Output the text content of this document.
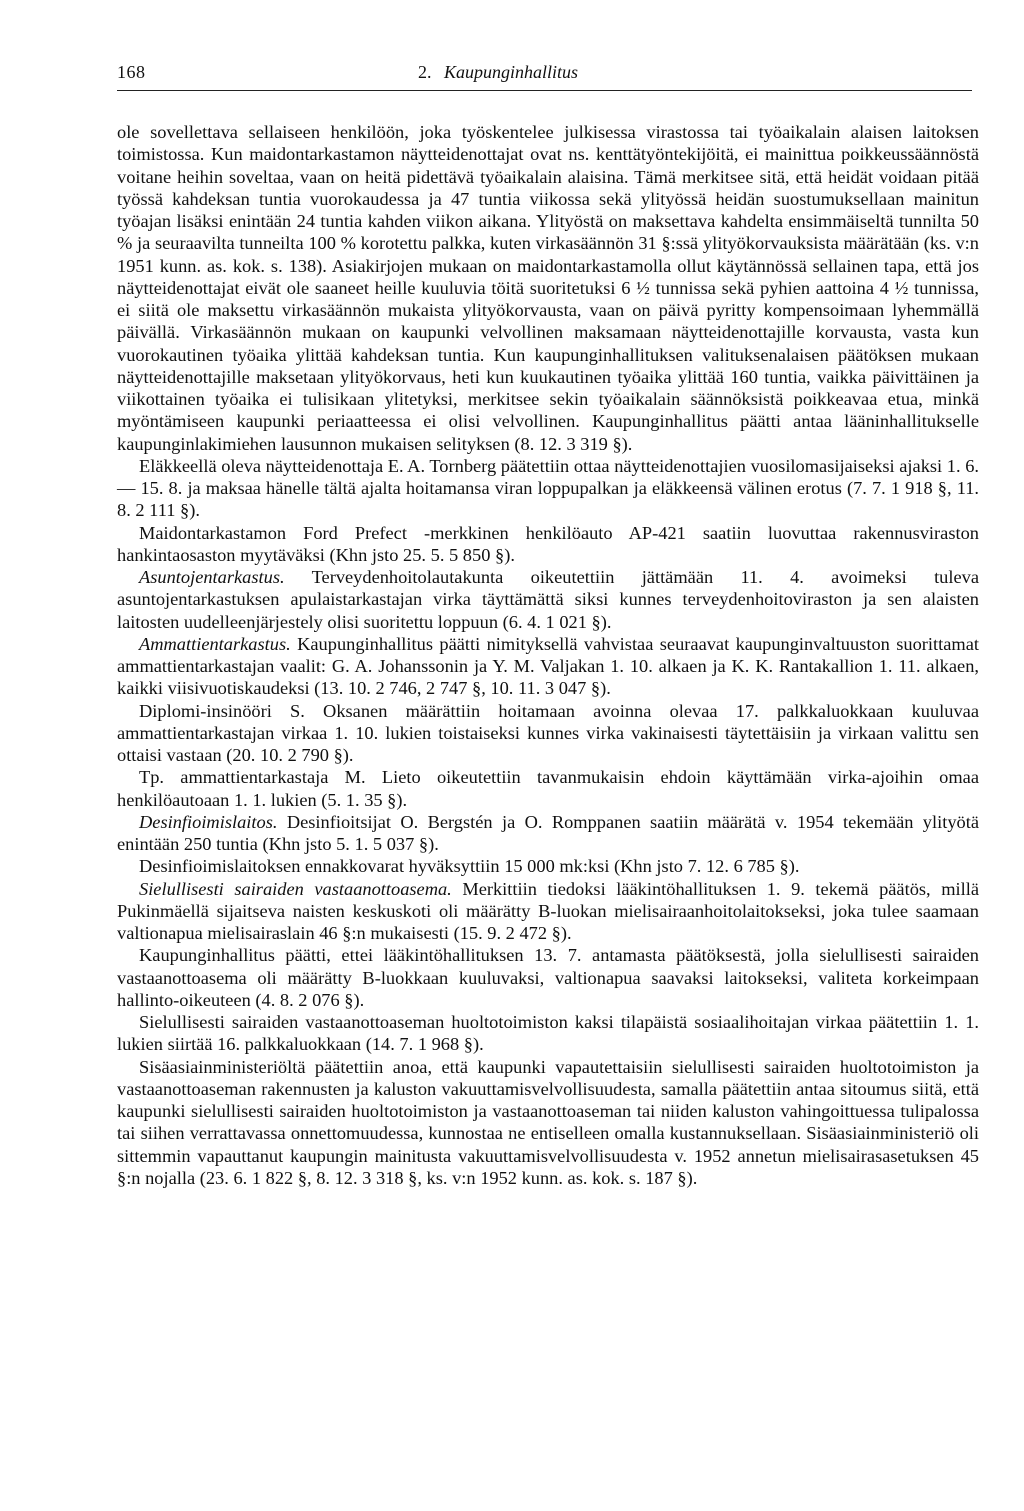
168	2. Kaupunginhallitus

ole sovellettava sellaiseen henkilöön, joka työskentelee julkisessa virastossa tai työaikalain alaisen laitoksen toimistossa. Kun maidontarkastamon näytteidenottajat ovat ns. kenttätyöntekijöitä, ei mainittua poikkeussäännöstä voitane heihin soveltaa, vaan on heitä pidettävä työaikalain alaisina. Tämä merkitsee sitä, että heidät voidaan pitää työssä kahdeksan tuntia vuorokaudessa ja 47 tuntia viikossa sekä ylityössä heidän suostumuksellaan mainitun työajan lisäksi enintään 24 tuntia kahden viikon aikana. Ylityöstä on maksettava kahdelta ensimmäiseltä tunnilta 50 % ja seuraavilta tunneilta 100 % korotettu palkka, kuten virkasäännön 31 §:ssä ylityökorvauksista määrätään (ks. v:n 1951 kunn. as. kok. s. 138). Asiakirjojen mukaan on maidontarkastamolla ollut käytännössä sellainen tapa, että jos näytteidenottajat eivät ole saaneet heille kuuluvia töitä suoritetuksi 6 ½ tunnissa sekä pyhien aattoina 4 ½ tunnissa, ei siitä ole maksettu virkasäännön mukaista ylityökorvausta, vaan on päivä pyritty kompensoimaan lyhemmällä päivällä. Virkasäännön mukaan on kaupunki velvollinen maksamaan näytteidenottajille korvausta, vasta kun vuorokautinen työaika ylittää kahdeksan tuntia. Kun kaupunginhallituksen valituksenalaisen päätöksen mukaan näytteidenottajille maksetaan ylityökorvaus, heti kun kuukautinen työaika ylittää 160 tuntia, vaikka päivittäinen ja viikottainen työaika ei tulisikaan ylitetyksi, merkitsee sekin työaikalain säännöksistä poikkeavaa etua, minkä myöntämiseen kaupunki periaatteessa ei olisi velvollinen. Kaupunginhallitus päätti antaa lääninhallitukselle kaupunginlakimiehen lausunnon mukaisen selityksen (8. 12. 3 319 §).

Eläkkeellä oleva näytteidenottaja E. A. Tornberg päätettiin ottaa näytteidenottajien vuosilomasijaiseksi ajaksi 1. 6. — 15. 8. ja maksaa hänelle tältä ajalta hoitamansa viran loppupalkan ja eläkkeensä välinen erotus (7. 7. 1 918 §, 11. 8. 2 111 §).

Maidontarkastamon Ford Prefect -merkkinen henkilöauto AP-421 saatiin luovuttaa rakennusviraston hankintaosaston myytäväksi (Khn jsto 25. 5. 5 850 §).

Asuntojentarkastus. Terveydenhoitolautakunta oikeutettiin jättämään 11. 4. avoimeksi tuleva asuntojentarkastuksen apulaistarkastajan virka täyttämättä siksi kunnes terveydenhoitoviraston ja sen alaisten laitosten uudelleenjärjestely olisi suoritettu loppuun (6. 4. 1 021 §).

Ammattientarkastus. Kaupunginhallitus päätti nimityksellä vahvistaa seuraavat kaupunginvaltuuston suorittamat ammattientarkastajan vaalit: G. A. Johanssonin ja Y. M. Valjakan 1. 10. alkaen ja K. K. Rantakallion 1. 11. alkaen, kaikki viisivuotiskaudeksi (13. 10. 2 746, 2 747 §, 10. 11. 3 047 §).

Diplomi-insinööri S. Oksanen määrättiin hoitamaan avoinna olevaa 17. palkkaluokkaan kuuluvaa ammattientarkastajan virkaa 1. 10. lukien toistaiseksi kunnes virka vakinaisesti täytettäisiin ja virkaan valittu sen ottaisi vastaan (20. 10. 2 790 §).

Tp. ammattientarkastaja M. Lieto oikeutettiin tavanmukaisin ehdoin käyttämään virka-ajoihin omaa henkilöautoaan 1. 1. lukien (5. 1. 35 §).

Desinfioimislaitos. Desinfioitsijat O. Bergstén ja O. Romppanen saatiin määrätä v. 1954 tekemään ylityötä enintään 250 tuntia (Khn jsto 5. 1. 5 037 §).

Desinfioimislaitoksen ennakkovarat hyväksyttiin 15 000 mk:ksi (Khn jsto 7. 12. 6 785 §).

Sielullisesti sairaiden vastaanottoasema. Merkittiin tiedoksi lääkintöhallituksen 1. 9. tekemä päätös, millä Pukinmäellä sijaitseva naisten keskuskoti oli määrätty B-luokan mielisairaanhoitolaitokseksi, joka tulee saamaan valtionapua mielisairaslain 46 §:n mukaisesti (15. 9. 2 472 §).

Kaupunginhallitus päätti, ettei lääkintöhallituksen 13. 7. antamasta päätöksestä, jolla sielullisesti sairaiden vastaanottoasema oli määrätty B-luokkaan kuuluvaksi, valtionapua saavaksi laitokseksi, valiteta korkeimpaan hallinto-oikeuteen (4. 8. 2 076 §).

Sielullisesti sairaiden vastaanottoaseman huoltotoimiston kaksi tilapäistä sosiaalihoitajan virkaa päätettiin 1. 1. lukien siirtää 16. palkkaluokkaan (14. 7. 1 968 §).

Sisäasiainministeriöltä päätettiin anoa, että kaupunki vapautettaisiin sielullisesti sairaiden huoltotoimiston ja vastaanottoaseman rakennusten ja kaluston vakuuttamisvelvollisuudesta, samalla päätettiin antaa sitoumus siitä, että kaupunki sielullisesti sairaiden huoltotoimiston ja vastaanottoaseman tai niiden kaluston vahingoittuessa tulipalossa tai siihen verrattavassa onnettomuudessa, kunnostaa ne entiselleen omalla kustannuksellaan. Sisäasiainministeriö oli sittemmin vapauttanut kaupungin mainitusta vakuuttamisvelvollisuudesta v. 1952 annetun mielisairasasetuksen 45 §:n nojalla (23. 6. 1 822 §, 8. 12. 3 318 §, ks. v:n 1952 kunn. as. kok. s. 187 §).
